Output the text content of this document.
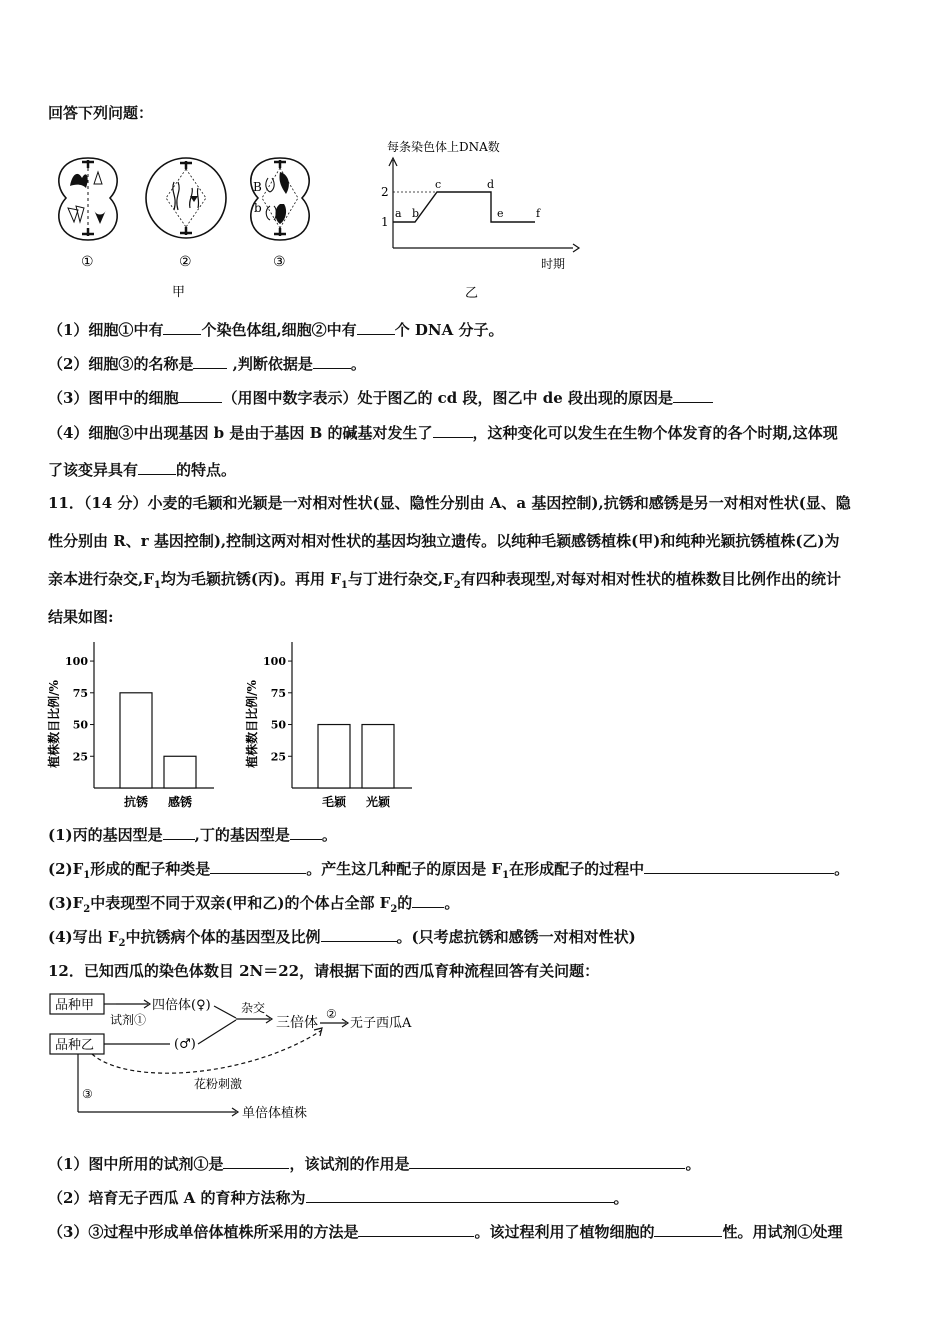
回答下列问题：
B
b
①	②	③
甲
每条染色体上DNA数
2
1
a b
c	d
e	f
时期
乙
（1）细胞①中有	个染色体组,细胞②中有	个 DNA 分子。
（2）细胞③的名称是 ,判断依据是	。
（3）图甲中的细胞	（用图中数字表示）处于图乙的 cd 段，图乙中 de 段出现的原因是
（4）细胞③中出现基因 b 是由于基因 B 的碱基对发生了	，这种变化可以发生在生物个体发育的各个时期,这体现
了该变异具有	的特点。
11．（14 分）小麦的毛颖和光颖是一对相对性状(显、隐性分别由 A、a 基因控制),抗锈和感锈是另一对相对性状(显、隐
性分别由 R、r 基因控制),控制这两对相对性状的基因均独立遗传。以纯种毛颖感锈植株(甲)和纯种光颖抗锈植株(乙)为
亲本进行杂交$,F_1$均为毛颖抗锈(丙)。再用 $F_1$与丁进行杂交$,F_2$有四种表现型,对每对相对性状的植株数目比例作出的统计
结果如图:
植株数目比例/%
100
75
50
25
抗锈 感锈
植株数目比例/%
100
75
50
25
毛颖 光颖
(1)丙的基因型是 ,丁的基因型是 。
$(2)F_1$形成的配子种类是	。产生这几种配子的原因是 $F_1$在形成配子的过程中	。
$(3)F_2$中表现型不同于双亲(甲和乙)的个体占全部 $F_2$的 。
(4)写出 $F_2$中抗锈病个体的基因型及比例	。(只考虑抗锈和感锈一对相对性状)
12．已知西瓜的染色体数目 2N＝22，请根据下面的西瓜育种流程回答有关问题：
品种甲
品种乙
试剂①
四倍体(♀)
(♂)
杂交
三倍体
②
无子西瓜A
花粉刺激
③
单倍体植株
（1）图中所用的试剂①是	，该试剂的作用是	。
（2）培育无子西瓜 A 的育种方法称为	。
（3）③过程中形成单倍体植株所采用的方法是	。该过程利用了植物细胞的	性。用试剂①处理
